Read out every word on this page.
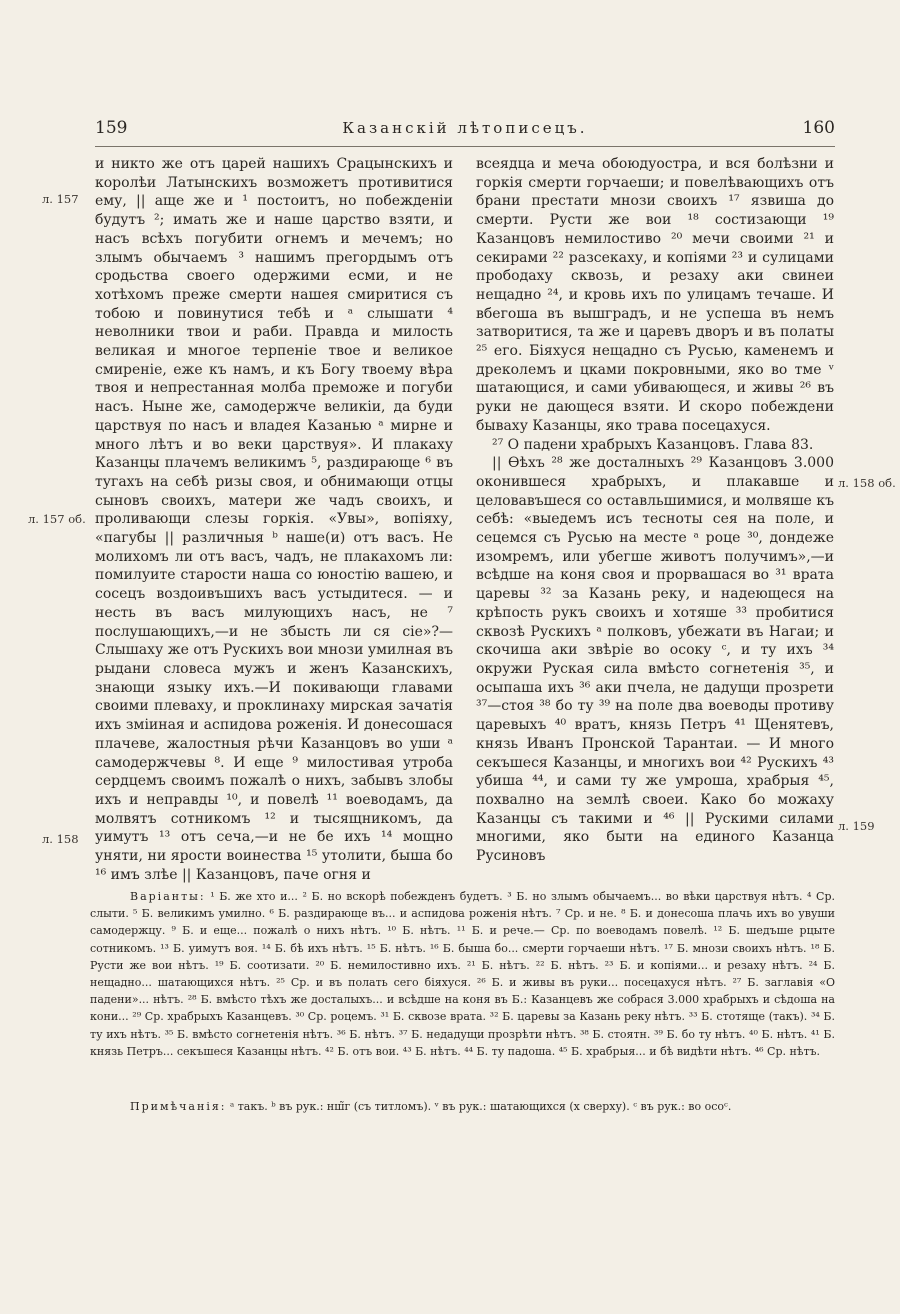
159	Казанскій лѣтописецъ.	160

и никто же отъ царей нашихъ Срацынскихъ и королѣи Латынскихъ возможетъ противитися ему, || аще же и ¹ постоитъ, но побежденіи будутъ ²; имать же и наше царство взяти, и насъ всѣхъ погубити огнемъ и мечемъ; но злымъ обычаемъ ³ нашимъ прегордымъ отъ сродьства своего одержими есми, и не хотѣхомъ преже смерти нашея смиритися съ тобою и повинутися тебѣ и ᵃ слышати ⁴ неволники твои и раби. Правда и милость великая и многое терпеніе твое и великое смиреніе, еже къ намъ, и къ Богу твоему вѣра твоя и непрестанная молба преможе и погуби насъ. Ныне же, самодержче великіи, да буди царствуя по насъ и владея Казанью ᵃ мирне и много лѣтъ и во веки царствуя». И плакаху Казанцы плачемъ великимъ ⁵, раздирающе ⁶ въ тугахъ на себѣ ризы своя, и обнимающи отцы сыновъ своихъ, матери же чадъ своихъ, и проливающи слезы горкія. «Увы», вопіяху, «пагубы || различныя ᵇ наше(и) отъ васъ. Не молихомъ ли отъ васъ, чадъ, не плакахомъ ли: помилуите старости наша со юностію вашею, и сосецъ воздоивъшихъ васъ устыдитеся. — и несть въ васъ милующихъ насъ, не ⁷ послушающихъ,—и не збысть ли ся сіе»?—Слышаху же отъ Рускихъ вои мнози умилная въ рыдани словеса мужъ и женъ Казанскихъ, знающи языку ихъ.—И покивающи главами своими плеваху, и проклинаху мирская зачатія ихъ зміиная и аспидова роженія. И донесошася плачеве, жалостныя рѣчи Казанцовъ во уши ᵃ самодержчевы ⁸. И еще ⁹ милостивая утроба сердцемъ своимъ пожалѣ о нихъ, забывъ злобы ихъ и неправды ¹⁰, и повелѣ ¹¹ воеводамъ, да молвятъ сотникомъ ¹² и тысящникомъ, да уимутъ ¹³ отъ сеча,—и не бе ихъ ¹⁴ мощно уняти, ни ярости воинества ¹⁵ утолити, быша бо ¹⁶ имъ злѣе || Казанцовъ, паче огня и

всеядца и меча обоюдуостра, и вся болѣзни и горкія смерти горчаеши; и повелѣвающихъ отъ брани престати мнози своихъ ¹⁷ язвиша до смерти. Русти же вои ¹⁸ состизающи ¹⁹ Казанцовъ немилостиво ²⁰ мечи своими ²¹ и секирами ²² разсекаху, и копіями ²³ и сулицами прободаху сквозь, и резаху аки свинеи нещадно ²⁴, и кровь ихъ по улицамъ течаше. И вбегоша въ вышградъ, и не успеша въ немъ затворитися, та же и царевъ дворъ и въ полаты ²⁵ его. Біяхуся нещадно съ Русью, каменемъ и дреколемъ и цками покровными, яко во тме ᵛ шатающися, и сами убивающеся, и живы ²⁶ въ руки не дающеся взяти. И скоро побеждени бываху Казанцы, яко трава посецахуся.

²⁷ О падени храбрыхъ Казанцовъ. Глава 83.

|| Ѳѣхъ ²⁸ же досталныхъ ²⁹ Казанцовъ 3.000 оконившеся храбрыхъ, и плакавше и целовавъшеся со оставльшимися, и молвяше къ себѣ: «выедемъ исъ тесноты сея на поле, и сецемся съ Русью на месте ᵃ роце ³⁰, дондеже изомремъ, или убегше животъ получимъ»,—и вcѣдше на коня своя и прорвашася во ³¹ врата царевы ³² за Казань реку, и надеющеся на крѣпость рукъ своихъ и хотяше ³³ пробитися сквозѣ Рускихъ ᵃ полковъ, убежати въ Нагаи; и скочиша аки звѣріе во осоку ᶜ, и ту ихъ ³⁴ окружи Руская сила вмѣсто согнетенія ³⁵, и осыпаша ихъ ³⁶ аки пчела, не дадущи прозрети ³⁷—стоя ³⁸ бо ту ³⁹ на поле два воеводы противу царевыхъ ⁴⁰ вратъ, князь Петръ ⁴¹ Щенятевъ, князь Иванъ Пронской Тарантаи. — И много секъшеся Казанцы, и многихъ вои ⁴² Рускихъ ⁴³ убиша ⁴⁴, и сами ту же умроша, храбрыя ⁴⁵, похвално на землѣ своеи. Како бо можаху Казанцы съ такими и ⁴⁶ || Рускими силами многими, яко быти на единого Казанца Русиновъ

л. 157
л. 157 об.
л. 158
л. 158 об.
л. 159

Варіанты: ¹ Б. же хто и... ² Б. но вскорѣ побежденъ будетъ. ³ Б. но злымъ обычаемъ... во вѣки царствуя нѣтъ. ⁴ Ср. слыти. ⁵ Б. великимъ умилно. ⁶ Б. раздирающе въ... и аспидова роженія нѣтъ. ⁷ Ср. и не. ⁸ Б. и донесоша плачь ихъ во увуши самодержцу. ⁹ Б. и еще... пожалѣ о нихъ нѣтъ. ¹⁰ Б. нѣтъ. ¹¹ Б. и рече.— Ср. по воеводамъ повелѣ. ¹² Б. шедъше рцыте сотникомъ. ¹³ Б. уимутъ воя. ¹⁴ Б. бѣ ихъ нѣтъ. ¹⁵ Б. нѣтъ. ¹⁶ Б. быша бо... смерти горчаеши нѣтъ. ¹⁷ Б. мнози своихъ нѣтъ. ¹⁸ Б. Русти же вои нѣтъ. ¹⁹ Б. соотизати. ²⁰ Б. немилостивно ихъ. ²¹ Б. нѣтъ. ²² Б. нѣтъ. ²³ Б. и копіями... и резаху нѣтъ. ²⁴ Б. нещадно... шатающихся нѣтъ. ²⁵ Ср. и въ полать сего біяхуся. ²⁶ Б. и живы въ руки... посецахуся нѣтъ. ²⁷ Б. заглавія «О падени»... нѣтъ. ²⁸ Б. вмѣсто тѣхъ же досталыхъ... и всѣдше на коня въ Б.: Казанцевъ же собрася 3.000 храбрыхъ и сѣдоша на кони... ²⁹ Ср. храбрыхъ Казанцевъ. ³⁰ Ср. роцемъ. ³¹ Б. сквозе врата. ³² Б. царевы за Казань реку нѣтъ. ³³ Б. стотяще (такъ). ³⁴ Б. ту ихъ нѣтъ. ³⁵ Б. вмѣсто согнетенія нѣтъ. ³⁶ Б. нѣтъ. ³⁷ Б. недадущи прозрѣти нѣтъ. ³⁸ Б. стоятн. ³⁹ Б. бо ту нѣтъ. ⁴⁰ Б. нѣтъ. ⁴¹ Б. князь Петръ... секъшеся Казанцы нѣтъ. ⁴² Б. отъ вои. ⁴³ Б. нѣтъ. ⁴⁴ Б. ту падоша. ⁴⁵ Б. храбрыя... и бѣ видѣти нѣтъ. ⁴⁶ Ср. нѣтъ.

Примѣчанія: ᵃ такъ. ᵇ въ рук.: нш̃г (съ титломъ). ᵛ въ рук.: шатающихся (х сверху). ᶜ въ рук.: во осоᶜ.
